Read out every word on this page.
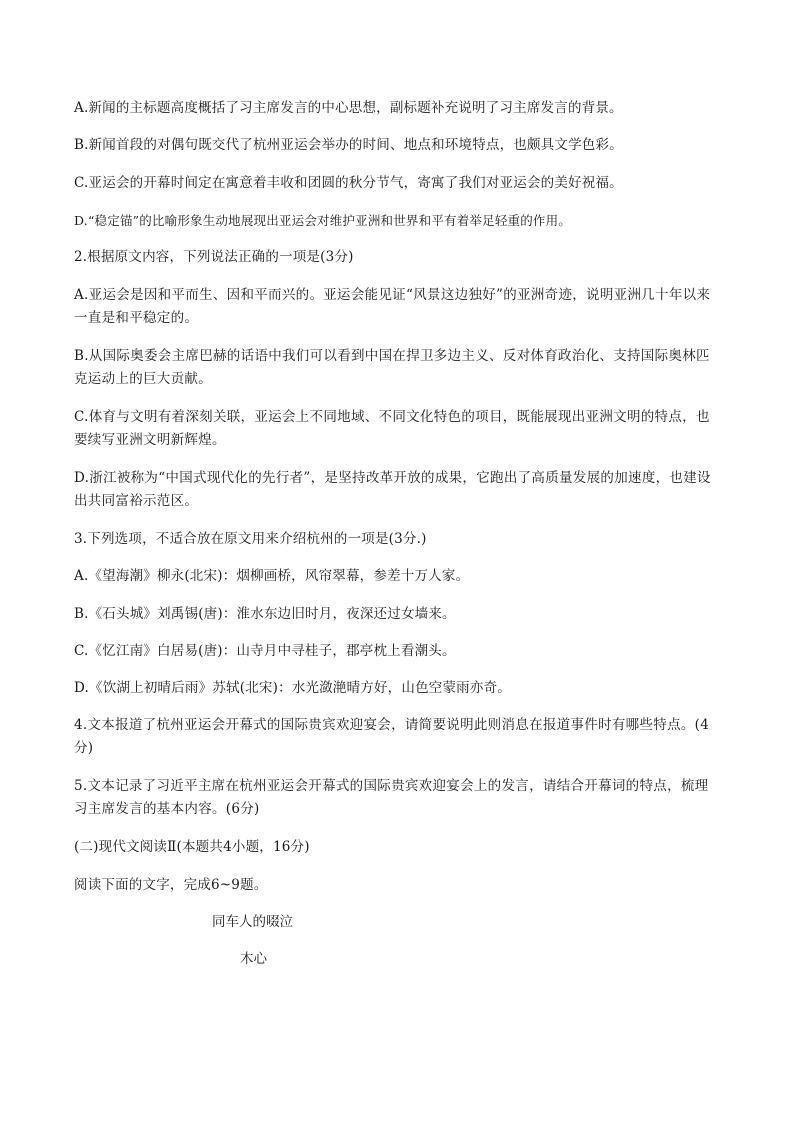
A.新闻的主标题高度概括了习主席发言的中心思想，副标题补充说明了习主席发言的背景。
B.新闻首段的对偶句既交代了杭州亚运会举办的时间、地点和环境特点，也颇具文学色彩。
C.亚运会的开幕时间定在寓意着丰收和团圆的秋分节气，寄寓了我们对亚运会的美好祝福。
D.“稳定锚”的比喻形象生动地展现出亚运会对维护亚洲和世界和平有着举足轻重的作用。
2.根据原文内容，下列说法正确的一项是(3分)
A.亚运会是因和平而生、因和平而兴的。亚运会能见证“风景这边独好”的亚洲奇迹，说明亚洲几十年以来一直是和平稳定的。
B.从国际奥委会主席巴赫的话语中我们可以看到中国在捍卫多边主义、反对体育政治化、支持国际奥林匹克运动上的巨大贡献。
C.体育与文明有着深刻关联，亚运会上不同地域、不同文化特色的项目，既能展现出亚洲文明的特点，也要续写亚洲文明新辉煌。
D.浙江被称为“中国式现代化的先行者”，是坚持改革开放的成果，它跑出了高质量发展的加速度，也建设出共同富裕示范区。
3.下列选项，不适合放在原文用来介绍杭州的一项是(3分.)
A.《望海潮》柳永(北宋)：烟柳画桥，风帘翠幕，参差十万人家。
B.《石头城》刘禹锡(唐)：淮水东边旧时月，夜深还过女墙来。
C.《忆江南》白居易(唐)：山寺月中寻桂子，郡亭枕上看潮头。
D.《饮湖上初晴后雨》苏轼(北宋)：水光潋滟晴方好，山色空蒙雨亦奇。
4.文本报道了杭州亚运会开幕式的国际贵宾欢迎宴会，请简要说明此则消息在报道事件时有哪些特点。(4分)
5.文本记录了习近平主席在杭州亚运会开幕式的国际贵宾欢迎宴会上的发言，请结合开幕词的特点，梳理习主席发言的基本内容。(6分)
(二)现代文阅读Ⅱ(本题共4小题，16分)
阅读下面的文字，完成6~9题。
同车人的啜泣
木心
